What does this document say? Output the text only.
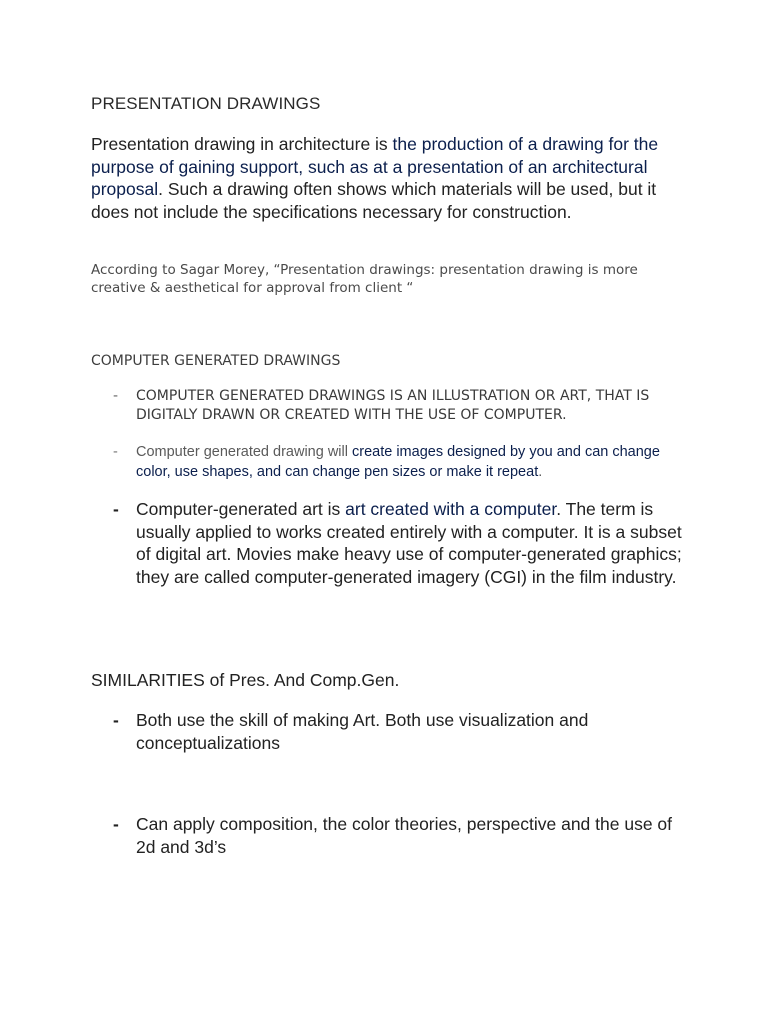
PRESENTATION DRAWINGS

Presentation drawing in architecture is the production of a drawing for the purpose of gaining support, such as at a presentation of an architectural proposal. Such a drawing often shows which materials will be used, but it does not include the specifications necessary for construction.

According to Sagar Morey, “Presentation drawings: presentation drawing is more creative & aesthetical for approval from client “

COMPUTER GENERATED DRAWINGS

- COMPUTER GENERATED DRAWINGS IS AN ILLUSTRATION OR ART, THAT IS DIGITALY DRAWN OR CREATED WITH THE USE OF COMPUTER.

- Computer generated drawing will create images designed by you and can change color, use shapes, and can change pen sizes or make it repeat.

- Computer-generated art is art created with a computer. The term is usually applied to works created entirely with a computer. It is a subset of digital art. Movies make heavy use of computer-generated graphics; they are called computer-generated imagery (CGI) in the film industry.

SIMILARITIES of Pres. And Comp.Gen.

- Both use the skill of making Art. Both use visualization and conceptualizations

- Can apply composition, the color theories, perspective and the use of 2d and 3d’s
